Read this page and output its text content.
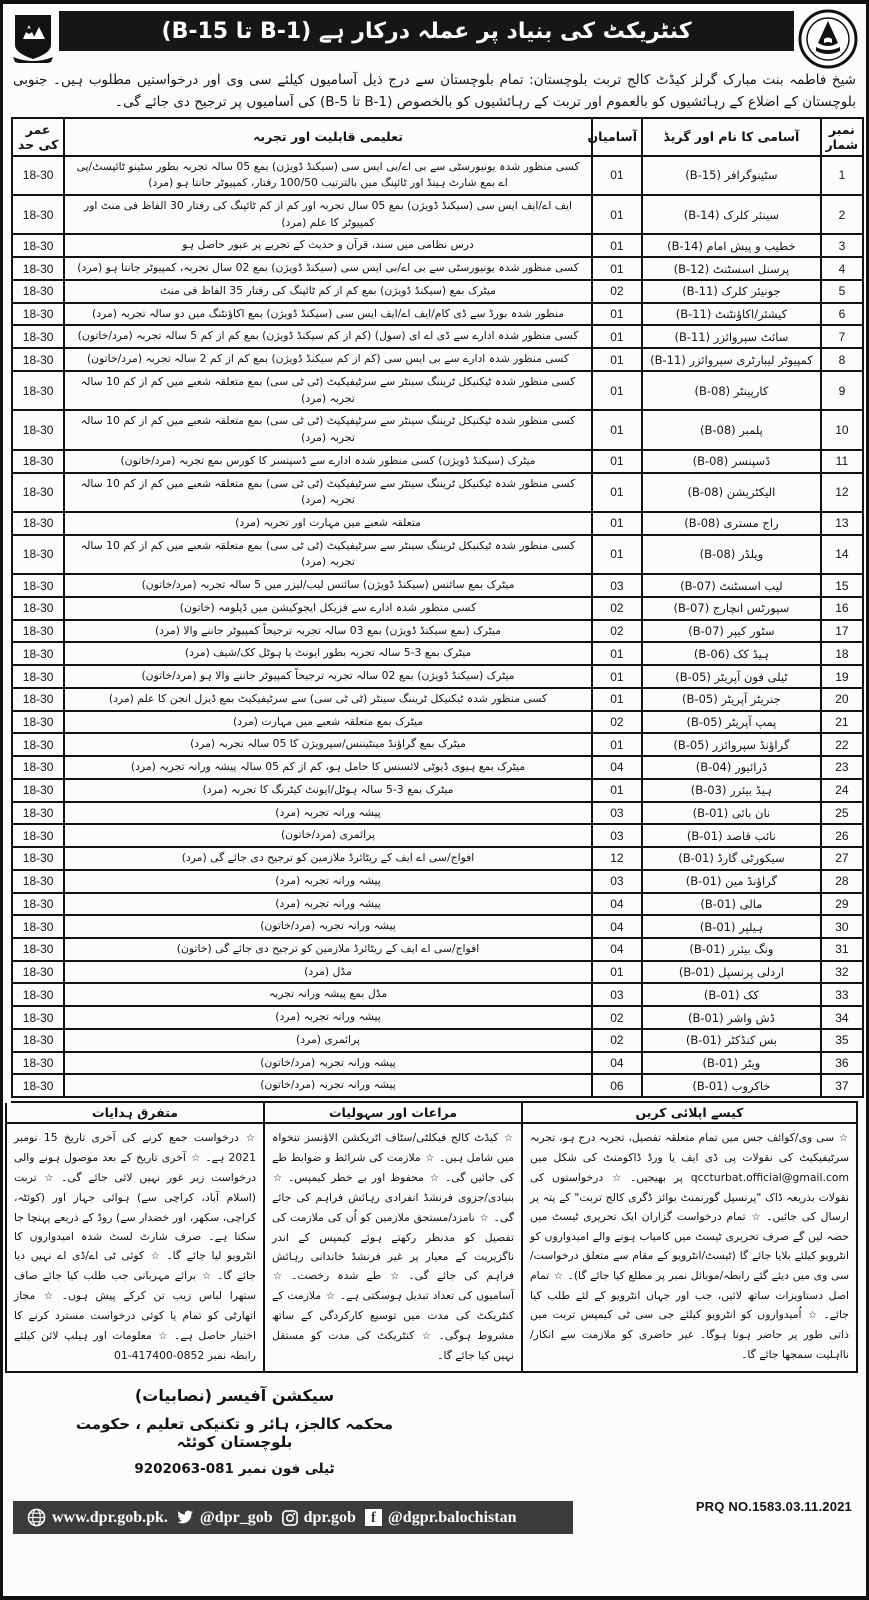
کنٹریکٹ کی بنیاد پر عملہ درکار ہے (B-1 تا B-15)

شیخ فاطمہ بنت مبارک گرلز کیڈٹ کالج تربت بلوچستان: تمام بلوچستان سے درج ذیل آسامیوں کیلئے سی وی اور درخواستیں مطلوب ہیں۔ جنوبی بلوچستان کے اضلاع کے رہائشیوں کو بالعموم اور تربت کے رہائشیوں کو بالخصوص (B-1 تا B-5) کی آسامیوں پر ترجیح دی جائے گی۔

نمبر شمار	آسامی کا نام اور گریڈ	آسامیاں	تعلیمی قابلیت اور تجربہ	عمر کی حد
1	سٹینوگرافر (B-15)	01	کسی منظور شدہ یونیورسٹی سے بی اے/بی ایس سی (سیکنڈ ڈویژن) بمع 05 سالہ تجربہ بطور سٹینو ٹائپسٹ/پی اے بمع شارٹ ہینڈ اور ٹائپنگ میں بالترتیب 100/50 رفتار، کمپیوٹر جانتا ہو (مرد)	18-30
2	سینئر کلرک (B-14)	01	ایف اے/ایف ایس سی (سیکنڈ ڈویژن) بمع 05 سال تجربہ اور کم از کم ٹائپنگ کی رفتار 30 الفاظ فی منٹ اور کمپیوٹر کا علم (مرد)	18-30
3	خطیب و پیش امام (B-14)	01	درس نظامی میں سند، قرآن و حدیث کے تجربے پر عبور حاصل ہو	18-30
4	پرسنل اسسٹنٹ (B-12)	01	کسی منظور شدہ یونیورسٹی سے بی اے/بی ایس سی (سیکنڈ ڈویژن) بمع 02 سال تجربہ، کمپیوٹر جانتا ہو (مرد)	18-30
5	جونیئر کلرک (B-11)	02	میٹرک بمع (سیکنڈ ڈویژن) بمع کم از کم ٹائپنگ کی رفتار 35 الفاظ فی منٹ	18-30
6	کیشئر/اکاؤنٹنٹ (B-11)	01	منظور شدہ بورڈ سے ڈی کام/ایف اے/ایف ایس سی (سیکنڈ ڈویژن) بمع اکاؤنٹنگ میں دو سالہ تجربہ (مرد)	18-30
7	سائٹ سپروائزر (B-11)	01	کسی منظور شدہ ادارے سے ڈی اے ای (سول) (کم از کم سیکنڈ ڈویژن) بمع کم از کم 5 سالہ تجربہ (مرد/خاتون)	18-30
8	کمپیوٹر لیبارٹری سپروائزر (B-11)	01	کسی منظور شدہ ادارے سے بی ایس سی (کم از کم سیکنڈ ڈویژن) بمع کم از کم 2 سالہ تجربہ (مرد/خاتون)	18-30
9	کارپینٹر (B-08)	01	کسی منظور شدہ ٹیکنیکل ٹریننگ سینٹر سے سرٹیفیکیٹ (ٹی ٹی سی) بمع متعلقہ شعبے میں کم از کم 10 سالہ تجربہ (مرد)	18-30
10	پلمبر (B-08)	01	کسی منظور شدہ ٹیکنیکل ٹریننگ سینٹر سے سرٹیفیکیٹ (ٹی ٹی سی) بمع متعلقہ شعبے میں کم از کم 10 سالہ تجربہ (مرد)	18-30
11	ڈسپنسر (B-08)	01	میٹرک (سیکنڈ ڈویژن) کسی منظور شدہ ادارے سے ڈسپنسر کا کورس بمع تجربہ (مرد/خاتون)	18-30
12	الیکٹریشن (B-08)	01	کسی منظور شدہ ٹیکنیکل ٹریننگ سینٹر سے سرٹیفیکیٹ (ٹی ٹی سی) بمع متعلقہ شعبے میں کم از کم 10 سالہ تجربہ (مرد)	18-30
13	راج مستری (B-08)	01	متعلقہ شعبے میں مہارت اور تجربہ (مرد)	18-30
14	ویلڈر (B-08)	01	کسی منظور شدہ ٹیکنیکل ٹریننگ سینٹر سے سرٹیفیکیٹ (ٹی ٹی سی) بمع متعلقہ شعبے میں کم از کم 10 سالہ تجربہ (مرد)	18-30
15	لیب اسسٹنٹ (B-07)	03	میٹرک بمع سائنس (سیکنڈ ڈویژن) سائنس لیب/لیزر میں 5 سالہ تجربہ (مرد/خاتون)	18-30
16	سپورٹس انچارج (B-07)	02	کسی منظور شدہ ادارے سے فزیکل ایجوکیشن میں ڈپلومہ (خاتون)	18-30
17	سٹور کیپر (B-07)	02	میٹرک (بمع سیکنڈ ڈویژن) بمع 03 سالہ تجربہ ترجیحاً کمپیوٹر جاننے والا (مرد)	18-30
18	ہیڈ کک (B-06)	01	میٹرک بمع 3-5 سالہ تجربہ بطور ایونٹ یا ہوٹل کک/شیف (مرد)	18-30
19	ٹیلی فون آپریٹر (B-05)	01	میٹرک (سیکنڈ ڈویژن) بمع 02 سالہ تجربہ ترجیحاً کمپیوٹر جاننے والا ہو (مرد/خاتون)	18-30
20	جنریٹر آپریٹر (B-05)	01	کسی منظور شدہ ٹیکنیکل ٹریننگ سینٹر (ٹی ٹی سی) سے سرٹیفیکیٹ بمع ڈیزل انجن کا علم (مرد)	18-30
21	پمپ آپریٹر (B-05)	02	میٹرک بمع متعلقہ شعبے میں مہارت (مرد)	18-30
22	گراؤنڈ سپروائزر (B-05)	01	میٹرک بمع گراؤنڈ مینٹیننس/سپرویژن کا 05 سالہ تجربہ (مرد)	18-30
23	ڈرائیور (B-04)	04	میٹرک بمع ہیوی ڈیوٹی لائسنس کا حامل ہو، کم از کم 05 سالہ پیشہ ورانہ تجربہ (مرد)	18-30
24	ہیڈ بیئرر (B-03)	01	میٹرک بمع 3-5 سالہ ہوٹل/ایونٹ کیٹرنگ کا تجربہ (مرد)	18-30
25	نان بائی (B-01)	03	پیشہ ورانہ تجربہ (مرد)	18-30
26	نائب قاصد (B-01)	03	پرائمری (مرد/خاتون)	18-30
27	سیکورٹی گارڈ (B-01)	12	افواج/سی اے ایف کے ریٹائرڈ ملازمین کو ترجیح دی جائے گی (مرد)	18-30
28	گراؤنڈ مین (B-01)	03	پیشہ ورانہ تجربہ (مرد)	18-30
29	مالی (B-01)	04	پیشہ ورانہ تجربہ (مرد)	18-30
30	ہیلپر (B-01)	04	پیشہ ورانہ تجربہ (مرد/خاتون)	18-30
31	ونگ بیئرر (B-01)	04	افواج/سی اے ایف کے ریٹائرڈ ملازمین کو ترجیح دی جائے گی (خاتون)	18-30
32	اردلی پرنسپل (B-01)	01	مڈل (مرد)	18-30
33	کک (B-01)	03	مڈل بمع پیشہ ورانہ تجربہ	18-30
34	ڈش واشر (B-01)	02	پیشہ ورانہ تجربہ (مرد)	18-30
35	بس کنڈکٹر (B-01)	02	پرائمری (مرد)	18-30
36	ویٹر (B-01)	04	پیشہ ورانہ تجربہ (مرد/خاتون)	18-30
37	خاکروب (B-01)	06	پیشہ ورانہ تجربہ (مرد/خاتون)	18-30
کیسے اپلائی کریں
☆ سی وی/کوائف جس میں تمام متعلقہ تفصیل، تجربہ درج ہو، تجربہ سرٹیفیکیٹ کی نقولات پی ڈی ایف یا ورڈ ڈاکومنٹ کی شکل میں qccturbat.official@gmail.com پر بھیجیں۔ ☆ درخواستوں کی نقولات بذریعہ ڈاک "پرنسپل گورنمنٹ بوائز ڈگری کالج تربت" کے پتہ پر ارسال کی جائیں۔ ☆ تمام درخواست گزاران ایک تحریری ٹیسٹ میں حصہ لیں گے صرف تحریری ٹیسٹ میں کامیاب ہونے والے امیدواروں کو انٹرویو کیلئے بلایا جائے گا (ٹیسٹ/انٹرویو کے مقام سے متعلق درخواست/سی وی میں دیئے گئے رابطہ/موبائل نمبر پر مطلع کیا جائے گا)۔ ☆ تمام اصل دستاویزات ساتھ لائیں، جب اور جہاں انٹرویو کے لئے طلب کیا جائے۔ ☆ اُمیدواروں کو انٹرویو کیلئے جی سی ٹی کیمپس تربت میں ذاتی طور پر حاضر ہونا ہوگا۔ غیر حاضری کو ملازمت سے انکار/نااہلیت سمجھا جائے گا۔
مراعات اور سہولیات
☆ کیڈٹ کالج فیکلٹی/سٹاف اٹریکشن الاؤنسز تنخواہ میں شامل ہیں۔ ☆ ملازمت کی شرائط و ضوابط طے کی جائیں گی۔ ☆ محفوظ اور بے خطر کیمپس۔ ☆ بنیادی/جزوی فرنشڈ انفرادی رہائش فراہم کی جائے گی۔ ☆ نامزد/مستحق ملازمین کو اُن کی ملازمت کی تفصیل کو مدنظر رکھتے ہوئے کیمپس کے اندر ناگزیریت کے معیار پر غیر فرنشڈ خاندانی رہائش فراہم کی جائے گی۔ ☆ طے شدہ رخصت۔ ☆ آسامیوں کی تعداد تبدیل ہوسکتی ہے۔ ☆ ملازمت کے کنٹریکٹ کی مدت میں توسیع کارکردگی کے ساتھ مشروط ہوگی۔ ☆ کنٹریکٹ کی مدت کو مستقل نہیں کیا جائے گا۔
متفرق ہدایات
☆ درخواست جمع کرنے کی آخری تاریخ 15 نومبر 2021 ہے۔ ☆ آخری تاریخ کے بعد موصول ہونے والی درخواست زیر غور نہیں لائی جائے گی۔ ☆ تربت (اسلام آباد، کراچی سے) ہوائی جہاز اور (کوئٹہ، کراچی، سکھر، اور خضدار سے) روڈ کے ذریعے پہنچا جا سکتا ہے۔ صرف شارٹ لسٹ شدہ امیدواروں کا انٹرویو لیا جائے گا۔ ☆ کوئی ٹی اے/ڈی اے نہیں دیا جائے گا۔ ☆ برائے مہربانی جب طلب کیا جائے صاف ستھرا لباس زیب تن کرکے پیش ہوں۔ ☆ مجاز اتھارٹی کو تمام یا کوئی درخواست مسترد کرنے کا اختیار حاصل ہے۔ ☆ معلومات اور ہیلپ لائن کیلئے رابطہ نمبر 0852-417400-01
سیکشن آفیسر (نصابیات)
محکمہ کالجز، ہائر و تکنیکی تعلیم ، حکومت بلوچستان کوئٹہ
ٹیلی فون نمبر 081-9202063
PRQ NO.1583.03.11.2021
www.dpr.gob.pk. @dpr_gob dpr.gob	f @dgpr.balochistan
